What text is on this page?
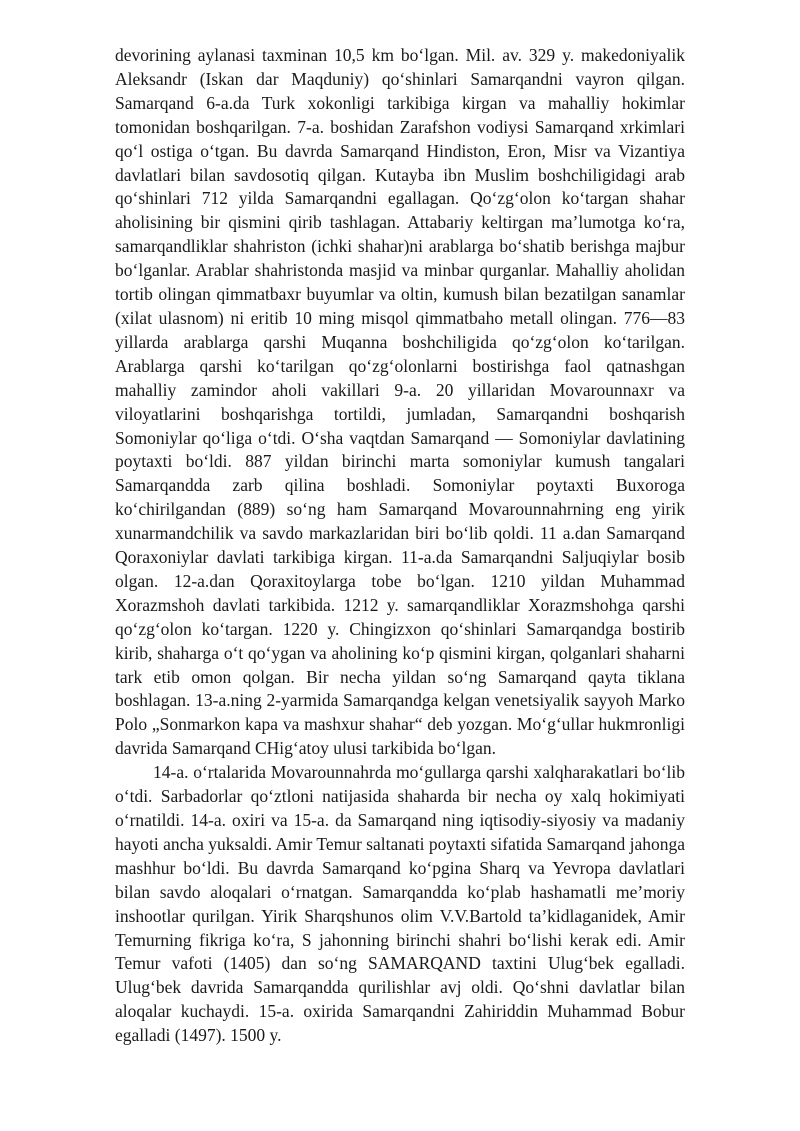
devorining aylanasi taxminan 10,5 km bo‘lgan. Mil. av. 329 y. makedoniyalik Aleksandr (Iskan dar Maqduniy) qo‘shinlari Samarqandni vayron qilgan. Samarqand 6-a.da Turk xokonligi tarkibiga kirgan va mahalliy hokimlar tomonidan boshqarilgan. 7-a. boshidan Zarafshon vodiysi Samarqand xrkimlari qo‘l ostiga o‘tgan. Bu davrda Samarqand Hindiston, Eron, Misr va Vizantiya davlatlari bilan savdosotiq qilgan. Kutayba ibn Muslim boshchiligidagi arab qo‘shinlari 712 yilda Samarqandni egallagan. Qo‘zg‘olon ko‘targan shahar aholisining bir qismini qirib tashlagan. Attabariy keltirgan ma’lumotga ko‘ra, samarqandliklar shahriston (ichki shahar)ni arablarga bo‘shatib berishga majbur bo‘lganlar. Arablar shahristonda masjid va minbar qurganlar. Mahalliy aholidan tortib olingan qimmatbaxr buyumlar va oltin, kumush bilan bezatilgan sanamlar (xilat ulasnom) ni eritib 10 ming misqol qimmatbaho metall olingan. 776—83 yillarda arablarga qarshi Muqanna boshchiligida qo‘zg‘olon ko‘tarilgan. Arablarga qarshi ko‘tarilgan qo‘zg‘olonlarni bostirishga faol qatnashgan mahalliy zamindor aholi vakillari 9-a. 20 yillaridan Movarounnaxr va viloyatlarini boshqarishga tortildi, jumladan, Samarqandni boshqarish Somoniylar qo‘liga o‘tdi. O‘sha vaqtdan Samarqand — Somoniylar davlatining poytaxti bo‘ldi. 887 yildan birinchi marta somoniylar kumush tangalari Samarqandda zarb qilina boshladi. Somoniylar poytaxti Buxoroga ko‘chirilgandan (889) so‘ng ham Samarqand Movarounnahrning eng yirik xunarmandchilik va savdo markazlaridan biri bo‘lib qoldi. 11 a.dan Samarqand Qoraxoniylar davlati tarkibiga kirgan. 11-a.da Samarqandni Saljuqiylar bosib olgan. 12-a.dan Qoraxitoylarga tobe bo‘lgan. 1210 yildan Muhammad Xorazmshoh davlati tarkibida. 1212 y. samarqandliklar Xorazmshohga qarshi qo‘zg‘olon ko‘targan. 1220 y. Chingizxon qo‘shinlari Samarqandga bostirib kirib, shaharga o‘t qo‘ygan va aholining ko‘p qismini kirgan, qolganlari shaharni tark etib omon qolgan. Bir necha yildan so‘ng Samarqand qayta tiklana boshlagan. 13-a.ning 2-yarmida Samarqandga kelgan venetsiyalik sayyoh Marko Polo „Sonmarkon kapa va mashxur shahar“ deb yozgan. Mo‘g‘ullar hukmronligi davrida Samarqand CHig‘atoy ulusi tarkibida bo‘lgan.

14-a. o‘rtalarida Movarounnahrda mo‘gullarga qarshi xalqharakatlari bo‘lib o‘tdi. Sarbadorlar qo‘ztloni natijasida shaharda bir necha oy xalq hokimiyati o‘rnatildi. 14-a. oxiri va 15-a. da Samarqand ning iqtisodiy-siyosiy va madaniy hayoti ancha yuksaldi. Amir Temur saltanati poytaxti sifatida Samarqand jahonga mashhur bo‘ldi. Bu davrda Samarqand ko‘pgina Sharq va Yevropa davlatlari bilan savdo aloqalari o‘rnatgan. Samarqandda ko‘plab hashamatli me’moriy inshootlar qurilgan. Yirik Sharqshunos olim V.V.Bartold ta’kidlaganidek, Amir Temurning fikriga ko‘ra, S jahonning birinchi shahri bo‘lishi kerak edi. Amir Temur vafoti (1405) dan so‘ng SAMARQAND taxtini Ulug‘bek egalladi. Ulug‘bek davrida Samarqandda qurilishlar avj oldi. Qo‘shni davlatlar bilan aloqalar kuchaydi. 15-a. oxirida Samarqandni Zahiriddin Muhammad Bobur egalladi (1497). 1500 y.
